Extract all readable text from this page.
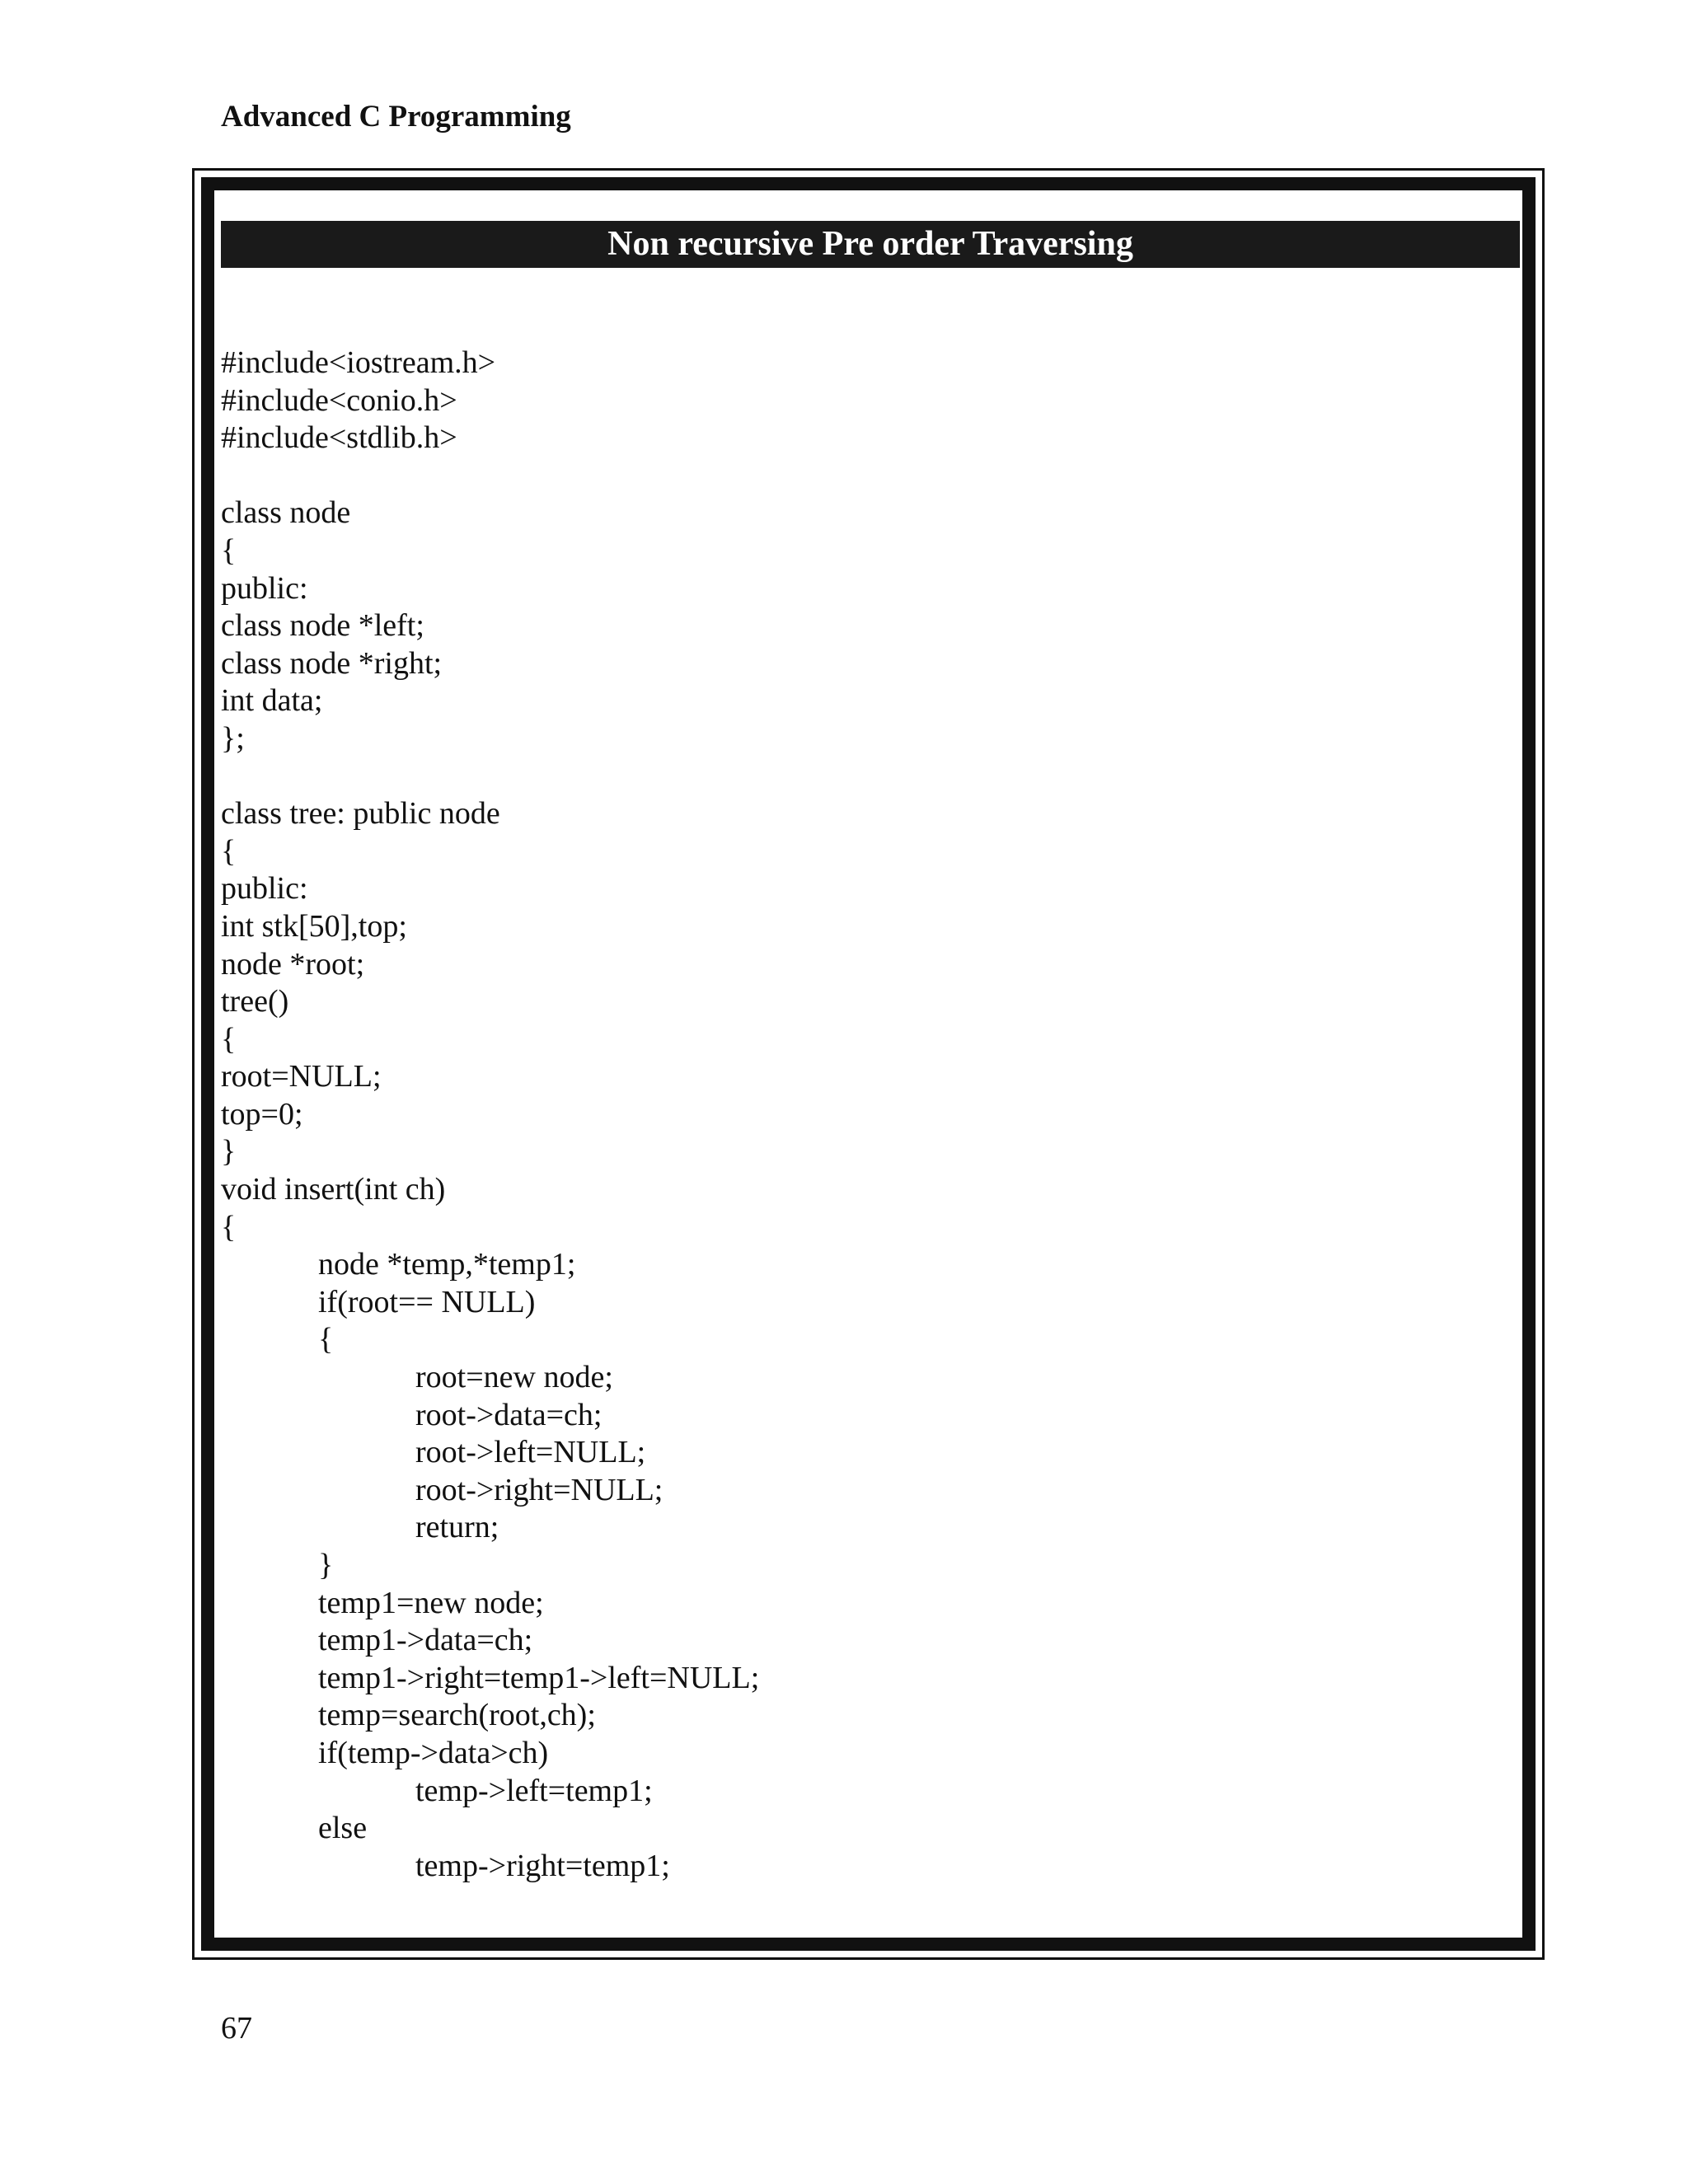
Advanced C Programming
Non recursive Pre order Traversing
#include<iostream.h>
#include<conio.h>
#include<stdlib.h>
class node
{
public:
class node *left;
class node *right;
int data;
};
class tree: public node
{
public:
int stk[50],top;
node *root;
tree()
{
root=NULL;
top=0;
}
void insert(int ch)
{
node *temp,*temp1;
if(root== NULL)
{
root=new node;
root->data=ch;
root->left=NULL;
root->right=NULL;
return;
}
temp1=new node;
temp1->data=ch;
temp1->right=temp1->left=NULL;
temp=search(root,ch);
if(temp->data>ch)
temp->left=temp1;
else
temp->right=temp1;
67
